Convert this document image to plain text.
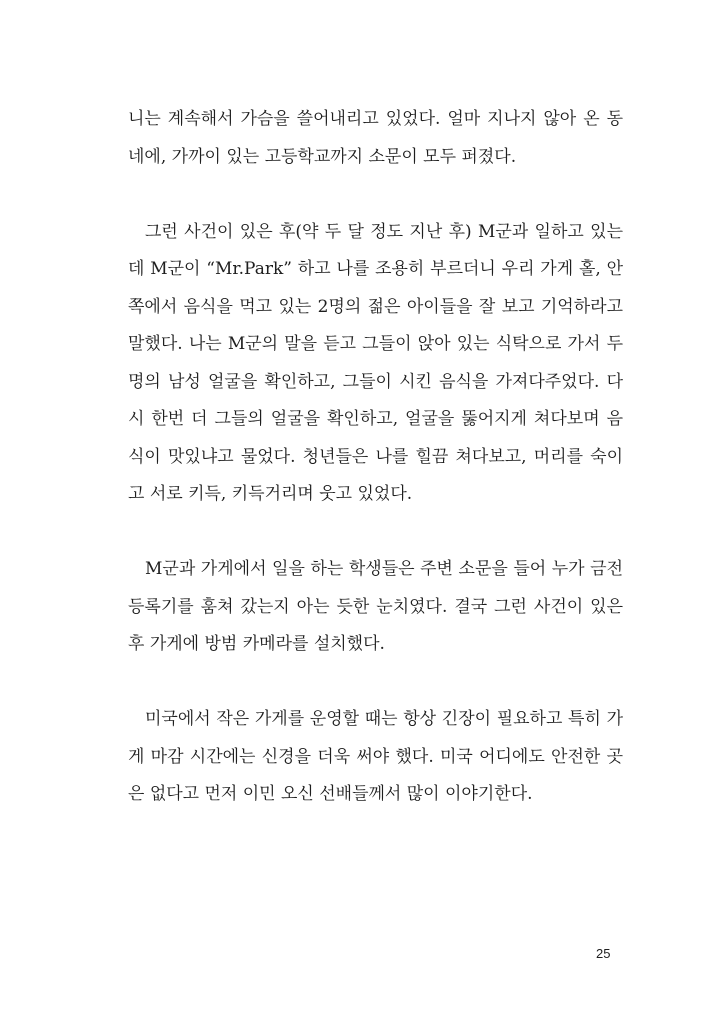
니는 계속해서 가슴을 쓸어내리고 있었다. 얼마 지나지 않아 온 동
네에, 가까이 있는 고등학교까지 소문이 모두 퍼졌다.
그런 사건이 있은 후(약 두 달 정도 지난 후) M군과 일하고 있는
데 M군이 “Mr.Park” 하고 나를 조용히 부르더니 우리 가게 홀, 안
쪽에서 음식을 먹고 있는 2명의 젊은 아이들을 잘 보고 기억하라고
말했다. 나는 M군의 말을 듣고 그들이 앉아 있는 식탁으로 가서 두
명의 남성 얼굴을 확인하고, 그들이 시킨 음식을 가져다주었다. 다
시 한번 더 그들의 얼굴을 확인하고, 얼굴을 뚫어지게 쳐다보며 음
식이 맛있냐고 물었다. 청년들은 나를 힐끔 쳐다보고, 머리를 숙이
고 서로 키득, 키득거리며 웃고 있었다.
M군과 가게에서 일을 하는 학생들은 주변 소문을 들어 누가 금전
등록기를 훔쳐 갔는지 아는 듯한 눈치였다. 결국 그런 사건이 있은
후 가게에 방범 카메라를 설치했다.
미국에서 작은 가게를 운영할 때는 항상 긴장이 필요하고 특히 가
게 마감 시간에는 신경을 더욱 써야 했다. 미국 어디에도 안전한 곳
은 없다고 먼저 이민 오신 선배들께서 많이 이야기한다.
25
